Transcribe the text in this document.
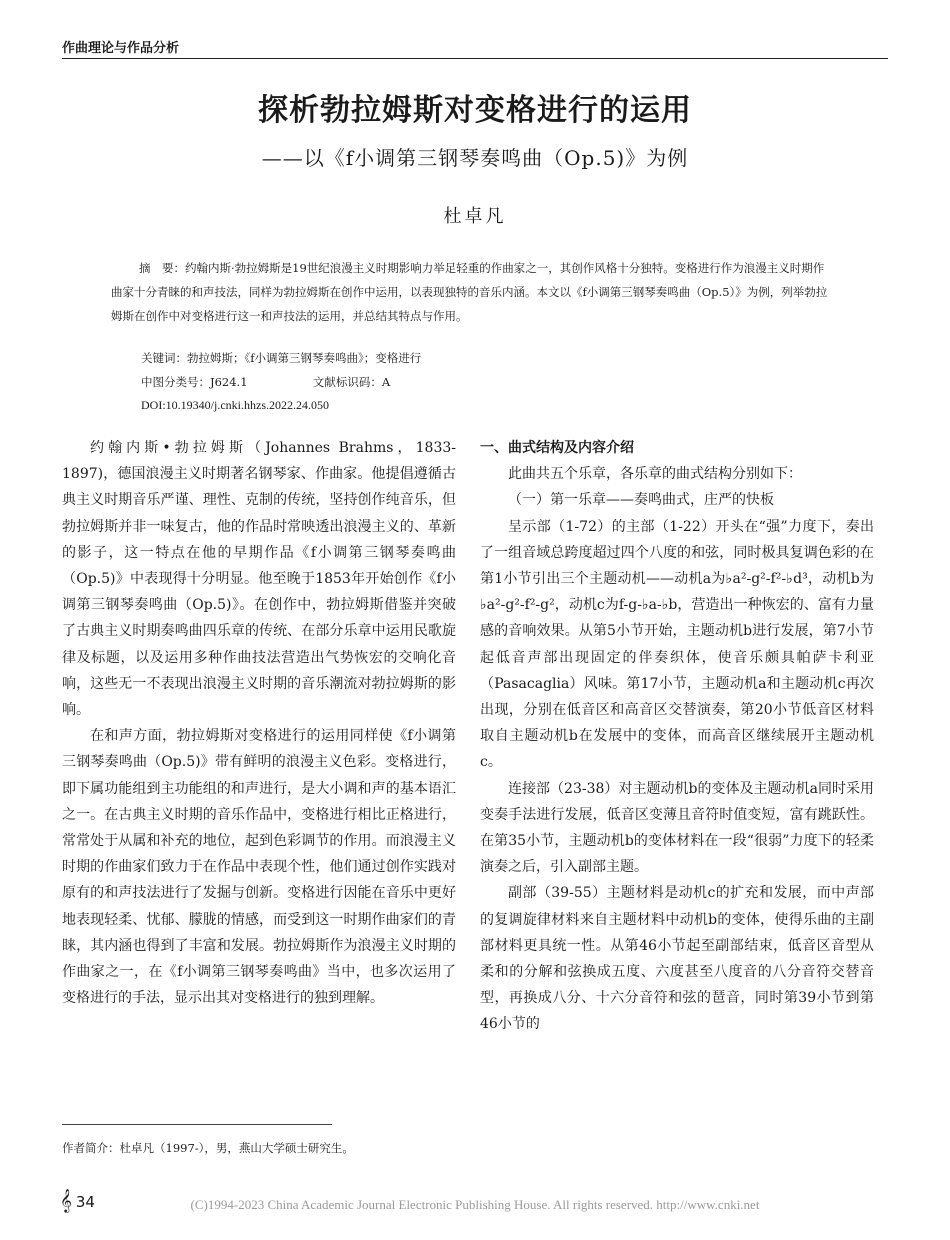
作曲理论与作品分析
探析勃拉姆斯对变格进行的运用
——以《f小调第三钢琴奏鸣曲（Op.5)》为例
杜卓凡
摘　要：约翰内斯·勃拉姆斯是19世纪浪漫主义时期影响力举足轻重的作曲家之一，其创作风格十分独特。变格进行作为浪漫主义时期作曲家十分青睐的和声技法，同样为勃拉姆斯在创作中运用，以表现独特的音乐内涵。本文以《f小调第三钢琴奏鸣曲（Op.5）》为例，列举勃拉姆斯在创作中对变格进行这一和声技法的运用，并总结其特点与作用。
关键词：勃拉姆斯；《f小调第三钢琴奏鸣曲》；变格进行
中图分类号：J624.1	文献标识码：A
DOI:10.19340/j.cnki.hhzs.2022.24.050

约翰内斯•勃拉姆斯（Johannes Brahms，1833-1897)，德国浪漫主义时期著名钢琴家、作曲家。他提倡遵循古典主义时期音乐严谨、理性、克制的传统，坚持创作纯音乐，但勃拉姆斯并非一味复古，他的作品时常映透出浪漫主义的、革新的影子，这一特点在他的早期作品《f小调第三钢琴奏鸣曲（Op.5)》中表现得十分明显。他至晚于1853年开始创作《f小调第三钢琴奏鸣曲（Op.5)》。在创作中，勃拉姆斯借鉴并突破了古典主义时期奏鸣曲四乐章的传统、在部分乐章中运用民歌旋律及标题，以及运用多种作曲技法营造出气势恢宏的交响化音响，这些无一不表现出浪漫主义时期的音乐潮流对勃拉姆斯的影响。

在和声方面，勃拉姆斯对变格进行的运用同样使《f小调第三钢琴奏鸣曲（Op.5)》带有鲜明的浪漫主义色彩。变格进行，即下属功能组到主功能组的和声进行，是大小调和声的基本语汇之一。在古典主义时期的音乐作品中，变格进行相比正格进行，常常处于从属和补充的地位，起到色彩调节的作用。而浪漫主义时期的作曲家们致力于在作品中表现个性，他们通过创作实践对原有的和声技法进行了发掘与创新。变格进行因能在音乐中更好地表现轻柔、忧郁、朦胧的情感，而受到这一时期作曲家们的青睐，其内涵也得到了丰富和发展。勃拉姆斯作为浪漫主义时期的作曲家之一，在《f小调第三钢琴奏鸣曲》当中，也多次运用了变格进行的手法，显示出其对变格进行的独到理解。

一、曲式结构及内容介绍

此曲共五个乐章，各乐章的曲式结构分别如下：

（一）第一乐章——奏鸣曲式，庄严的快板

呈示部（1-72）的主部（1-22）开头在“强”力度下，奏出了一组音域总跨度超过四个八度的和弦，同时极具复调色彩的在第1小节引出三个主题动机——动机a为♭a²-g²-f²-♭d³，动机b为♭a²-g²-f²-g²，动机c为f-g-♭a-♭b，营造出一种恢宏的、富有力量感的音响效果。从第5小节开始，主题动机b进行发展，第7小节起低音声部出现固定的伴奏织体，使音乐颇具帕萨卡利亚（Pasacaglia）风味。第17小节，主题动机a和主题动机c再次出现，分别在低音区和高音区交替演奏，第20小节低音区材料取自主题动机b在发展中的变体，而高音区继续展开主题动机c。

连接部（23-38）对主题动机b的变体及主题动机a同时采用变奏手法进行发展，低音区变薄且音符时值变短，富有跳跃性。在第35小节，主题动机b的变体材料在一段“很弱”力度下的轻柔演奏之后，引入副部主题。

副部（39-55）主题材料是动机c的扩充和发展，而中声部的复调旋律材料来自主题材料中动机b的变体，使得乐曲的主副部材料更具统一性。从第46小节起至副部结束，低音区音型从柔和的分解和弦换成五度、六度甚至八度音的八分音符交替音型，再换成八分、十六分音符和弦的琶音，同时第39小节到第46小节的

作者简介：杜卓凡（1997-），男，燕山大学硕士研究生。
𝄞 34	(C)1994-2023 China Academic Journal Electronic Publishing House. All rights reserved. http://www.cnki.net
